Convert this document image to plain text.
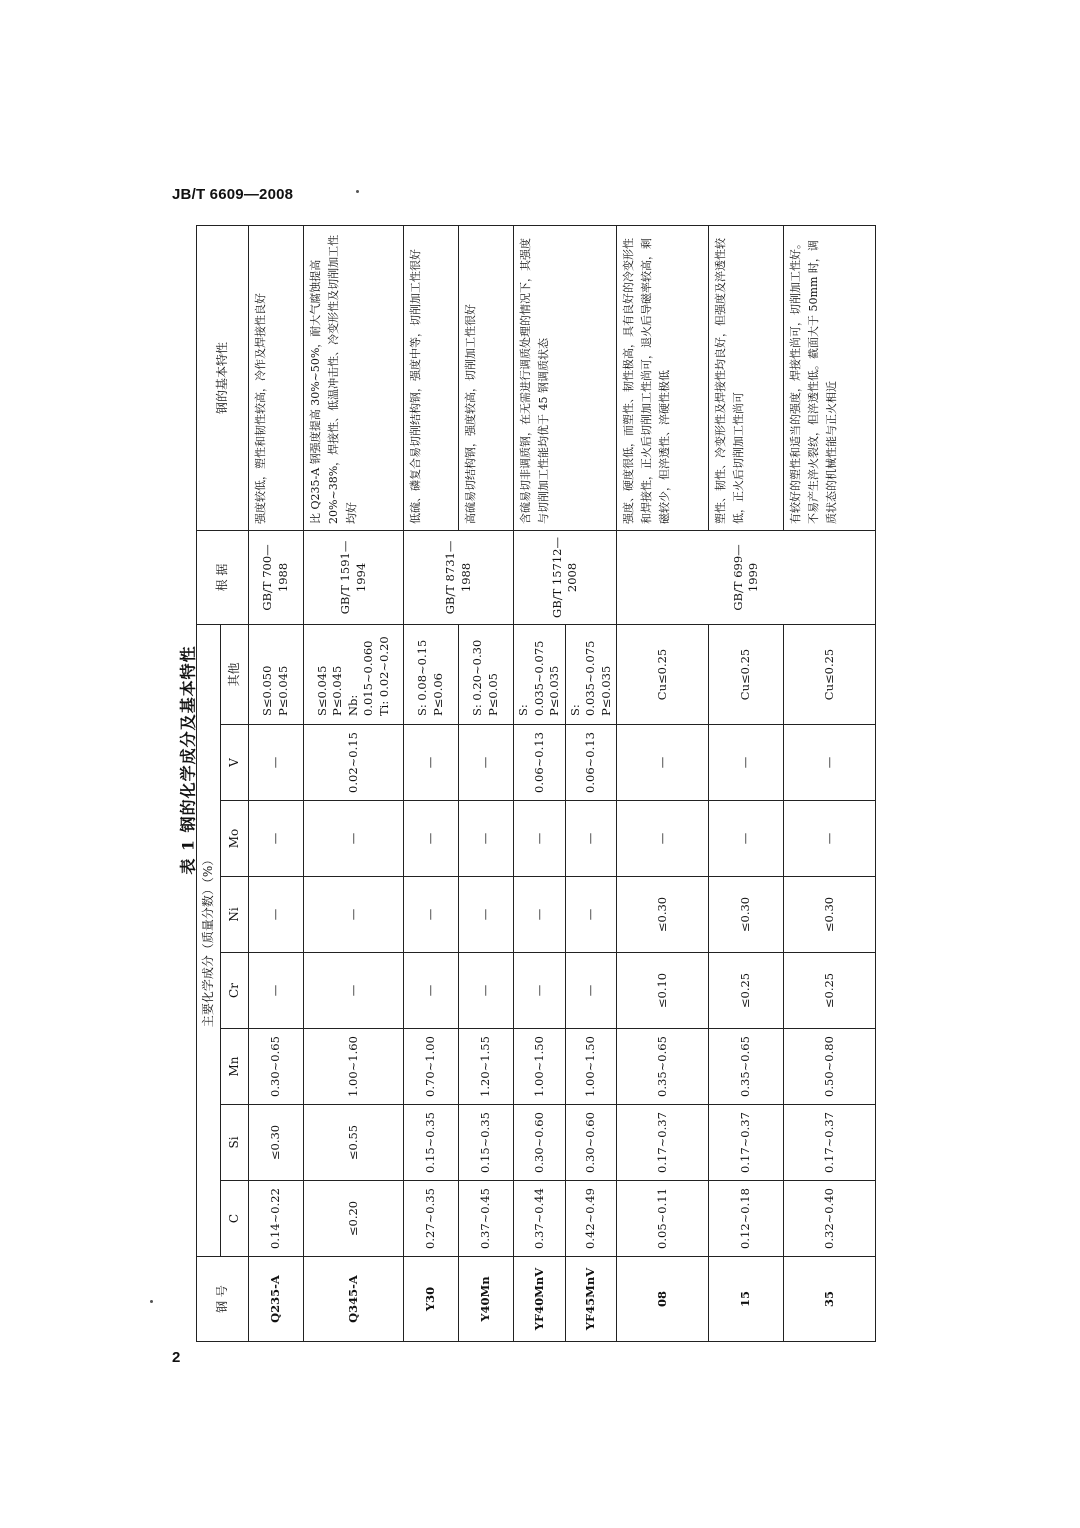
JB/T 6609—2008
2
表 1 钢的化学成分及基本特性
钢 号	主要化学成分（质量分数）（%）								根 据	钢的基本特性
	C	Si	Mn	Cr	Ni	Mo	V	其他		
Q235-A	0.14~0.22	≤0.30	0.30~0.65	—	—	—	—	S≤0.050 P≤0.045	GB/T 700—1988	强度较低，塑性和韧性较高，冷作及焊接性良好
Q345-A	≤0.20	≤0.55	1.00~1.60	—	—	—	0.02~0.15	S≤0.045 P≤0.045 Nb: 0.015~0.060 Ti: 0.02~0.20	GB/T 1591—1994	比 Q235-A 钢强度提高 30%~50%，耐大气腐蚀提高 20%~38%，焊接性、低温冲击性、冷变形性及切削加工性均好
Y30	0.27~0.35	0.15~0.35	0.70~1.00	—	—	—	—	S: 0.08~0.15 P≤0.06	GB/T 8731—1988	低硫、磷复合易切削结构钢，强度中等，切削加工性很好
Y40Mn	0.37~0.45	0.15~0.35	1.20~1.55	—	—	—	—	S: 0.20~0.30 P≤0.05		高硫易切结构钢，强度较高，切削加工性很好
YF40MnV	0.37~0.44	0.30~0.60	1.00~1.50	—	—	—	0.06~0.13	S: 0.035~0.075 P≤0.035	GB/T 15712—2008	含硫易切非调质钢，在无需进行调质处理的情况下，其强度与切削加工性能均优于 45 钢调质状态
YF45MnV	0.42~0.49	0.30~0.60	1.00~1.50	—	—	—	0.06~0.13	S: 0.035~0.075 P≤0.035		

08	0.05~0.11	0.17~0.37	0.35~0.65	≤0.10	≤0.30	—	—	Cu≤0.25	GB/T 699—1999	强度、硬度很低，而塑性、韧性极高，具有良好的冷变形性和焊接性，正火后切削加工性尚可，退火后导磁率较高，剩磁较少，但淬透性、淬硬性极低
15	0.12~0.18	0.17~0.37	0.35~0.65	≤0.25	≤0.30	—	—	Cu≤0.25		塑性、韧性、冷变形性及焊接性均良好，但强度及淬透性较低，正火后切削加工性尚可
35	0.32~0.40	0.17~0.37	0.50~0.80	≤0.25	≤0.30	—	—	Cu≤0.25		有较好的塑性和适当的强度，焊接性尚可，切削加工性好。不易产生淬火裂纹，但淬透性低。截面大于 50mm 时，调质状态的机械性能与正火相近
